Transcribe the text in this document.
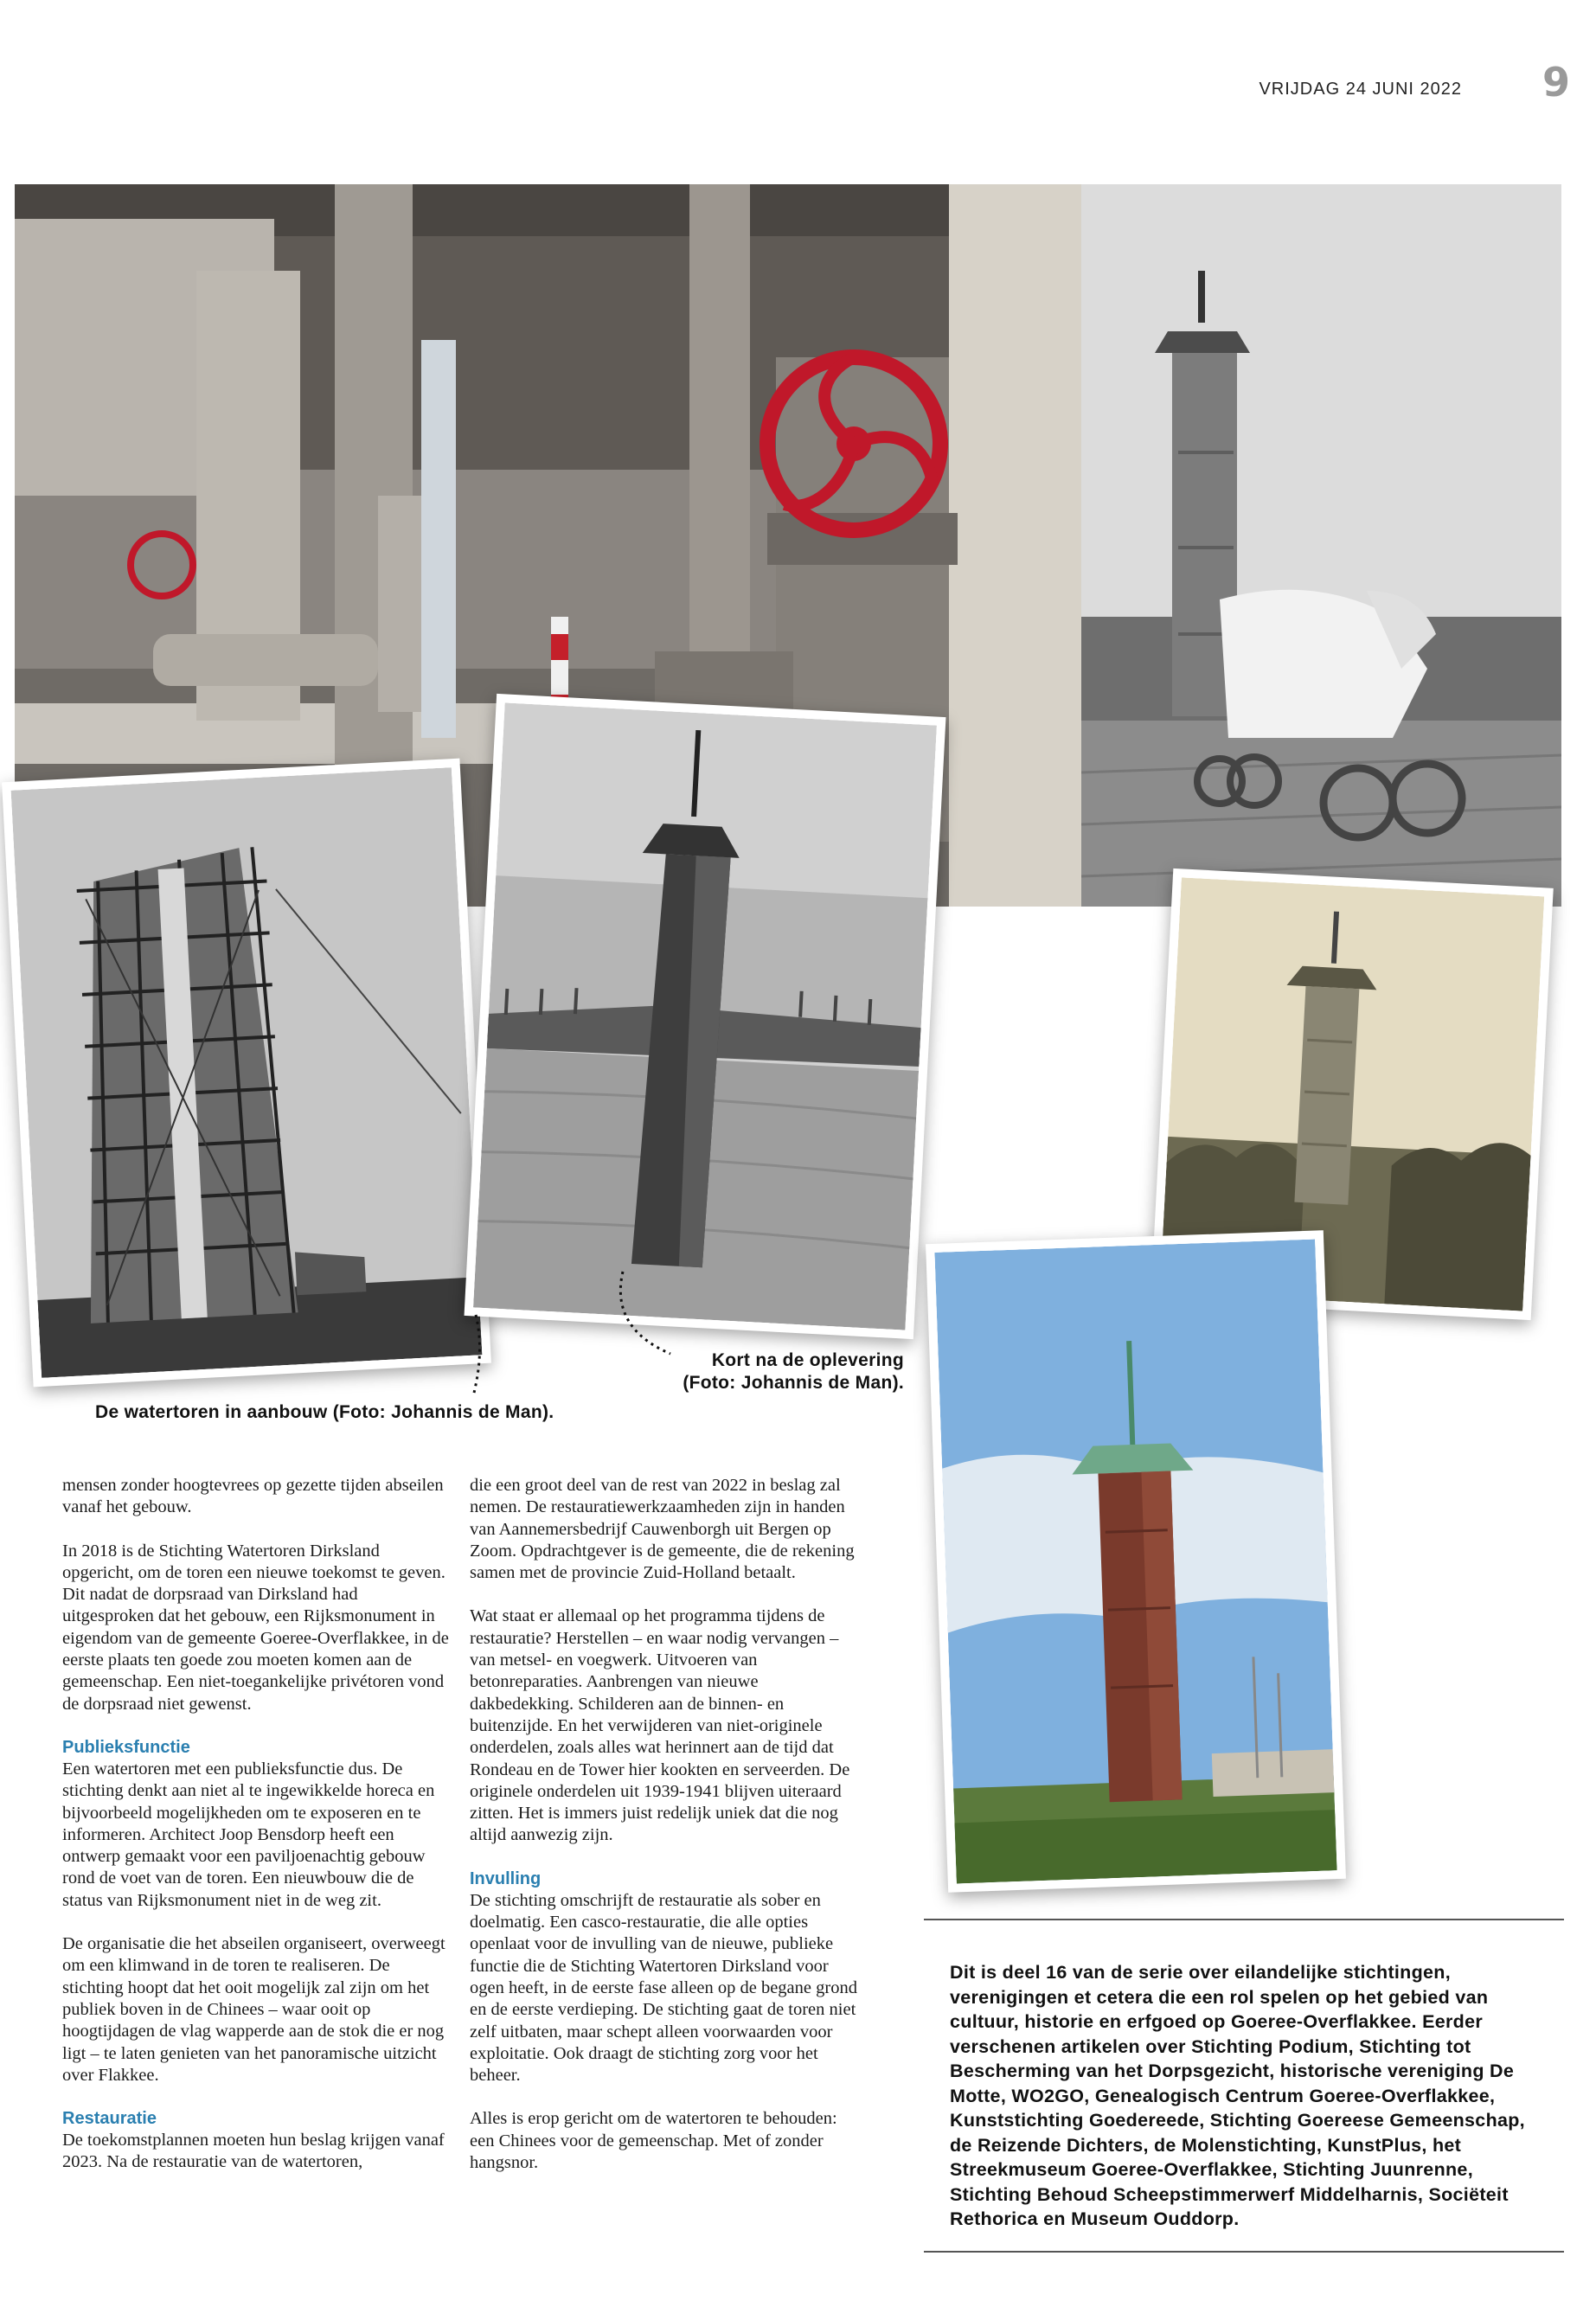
VRIJDAG 24 JUNI 2022	9
De watertoren in aanbouw (Foto: Johannis de Man).
Kort na de oplevering
(Foto: Johannis de Man).

mensen zonder hoogtevrees op gezette tijden abseilen vanaf het gebouw.

In 2018 is de Stichting Watertoren Dirksland opgericht, om de toren een nieuwe toekomst te geven. Dit nadat de dorpsraad van Dirksland had uitgesproken dat het gebouw, een Rijksmonument in eigendom van de gemeente Goeree-Overflakkee, in de eerste plaats ten goede zou moeten komen aan de gemeenschap. Een niet-toegankelijke privétoren vond de dorpsraad niet gewenst.

Publieksfunctie

Een watertoren met een publieksfunctie dus. De stichting denkt aan niet al te ingewikkelde horeca en bijvoorbeeld mogelijkheden om te exposeren en te informeren. Architect Joop Bensdorp heeft een ontwerp gemaakt voor een paviljoenachtig gebouw rond de voet van de toren. Een nieuwbouw die de status van Rijksmonument niet in de weg zit.

De organisatie die het abseilen organiseert, overweegt om een klimwand in de toren te realiseren. De stichting hoopt dat het ooit mogelijk zal zijn om het publiek boven in de Chinees – waar ooit op hoogtijdagen de vlag wapperde aan de stok die er nog ligt – te laten genieten van het panoramische uitzicht over Flakkee.

Restauratie

De toekomstplannen moeten hun beslag krijgen vanaf 2023. Na de restauratie van de watertoren,

die een groot deel van de rest van 2022 in beslag zal nemen. De restauratiewerkzaamheden zijn in handen van Aannemersbedrijf Cauwenborgh uit Bergen op Zoom. Opdrachtgever is de gemeente, die de rekening samen met de provincie Zuid-Holland betaalt.

Wat staat er allemaal op het programma tijdens de restauratie? Herstellen – en waar nodig vervangen – van metsel- en voegwerk. Uitvoeren van betonreparaties. Aanbrengen van nieuwe dakbedekking. Schilderen aan de binnen- en buitenzijde. En het verwijderen van niet-originele onderdelen, zoals alles wat herinnert aan de tijd dat Rondeau en de Tower hier kookten en serveerden. De originele onderdelen uit 1939-1941 blijven uiteraard zitten. Het is immers juist redelijk uniek dat die nog altijd aanwezig zijn.

Invulling

De stichting omschrijft de restauratie als sober en doelmatig. Een casco-restauratie, die alle opties openlaat voor de invulling van de nieuwe, publieke functie die de Stichting Watertoren Dirksland voor ogen heeft, in de eerste fase alleen op de begane grond en de eerste verdieping. De stichting gaat de toren niet zelf uitbaten, maar schept alleen voorwaarden voor exploitatie. Ook draagt de stichting zorg voor het beheer.

Alles is erop gericht om de watertoren te behouden: een Chinees voor de gemeenschap. Met of zonder hangsnor.

Dit is deel 16 van de serie over eilandelijke stichtingen, verenigingen et cetera die een rol spelen op het gebied van cultuur, historie en erfgoed op Goeree-Overflakkee. Eerder verschenen artikelen over Stichting Podium, Stichting tot Bescherming van het Dorpsgezicht, historische vereniging De Motte, WO2GO, Genealogisch Centrum Goeree-Overflakkee, Kunststichting Goedereede, Stichting Goereese Gemeenschap, de Reizende Dichters, de Molenstichting, KunstPlus, het Streekmuseum Goeree-Overflakkee, Stichting Juunrenne, Stichting Behoud Scheepstimmerwerf Middelharnis, Sociëteit Rethorica en Museum Ouddorp.
